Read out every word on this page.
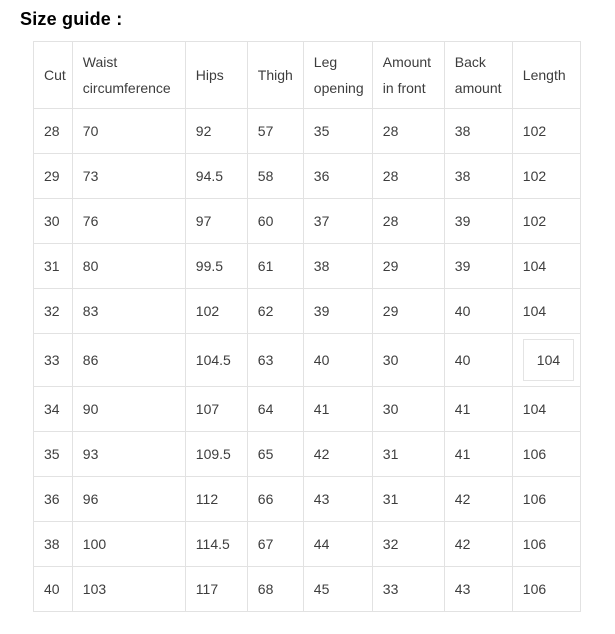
Size guide :
Cut	Waist circumference	Hips	Thigh	Leg opening	Amount in front	Back amount	Length
28	70	92	57	35	28	38	102
29	73	94.5	58	36	28	38	102
30	76	97	60	37	28	39	102
31	80	99.5	61	38	29	39	104
32	83	102	62	39	29	40	104
33	86	104.5	63	40	30	40	104
34	90	107	64	41	30	41	104
35	93	109.5	65	42	31	41	106
36	96	112	66	43	31	42	106
38	100	114.5	67	44	32	42	106
40	103	117	68	45	33	43	106
